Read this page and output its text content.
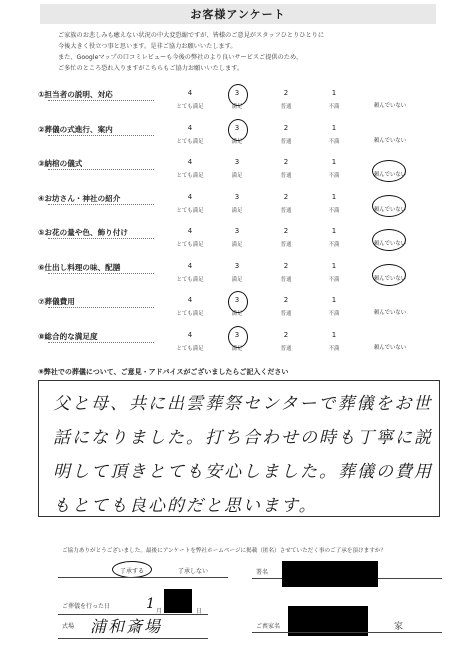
お客様アンケート
ご家族のお悲しみも癒えない状況の中大変恐縮ですが、皆様のご意見がスタッフひとりひとりに
今後大きく役立つ事と思います。是非ご協力お願いいたします。
また、Googleマップの口コミレビューも今後の弊社のより良いサービスご提供のため、
ご多忙のところ恐れ入りますがこちらもご協力お願いいたします。
①担当者の説明、対応	4
とても満足
3
満足
2
普通
1
不満	頼んでいない
②葬儀の式進行、案内	4
とても満足
3
満足
2
普通
1
不満	頼んでいない
③納棺の儀式	4
とても満足
3
満足
2
普通
1
不満	頼んでいない
④お坊さん・神社の紹介	4
とても満足
3
満足
2
普通
1
不満	頼んでいない
⑤お花の量や色、飾り付け	4
とても満足
3
満足
2
普通
1
不満	頼んでいない
⑥仕出し料理の味、配膳	4
とても満足
3
満足
2
普通
1
不満	頼んでいない
⑦葬儀費用	4
とても満足
3
満足
2
普通
1
不満	頼んでいない
⑧総合的な満足度	4
とても満足
3
満足
2
普通
1
不満	頼んでいない
⑨弊社での葬儀について、ご意見・アドバイスがございましたらご記入ください
父と母、共に出雲葬祭センターで葬儀をお世話になりました。打ち合わせの時も丁寧に説明して頂きとても安心しました。葬儀の費用もとても良心的だと思います。
ご協力ありがとうございました。最後にアンケートを弊社ホームページに掲載（匿名）させていただく事のご了承を頂けますか？
了承する	了承しない	署名
ご葬儀を行った日	1 月	日
式場 浦和斎場	ご喪家名	家
